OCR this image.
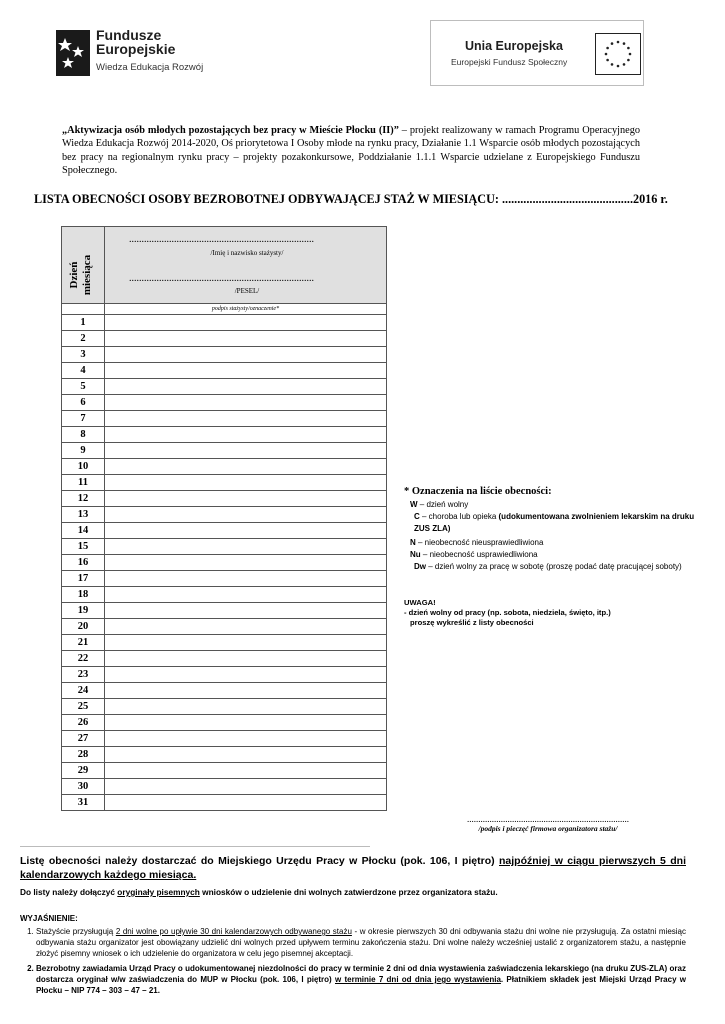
Fundusze
Europejskie
Wiedza Edukacja Rozwój
Unia Europejska
Europejski Fundusz Społeczny
„Aktywizacja osób młodych pozostających bez pracy w Mieście Płocku (II)” – projekt realizowany w ramach Programu Operacyjnego Wiedza Edukacja Rozwój 2014-2020, Oś priorytetowa I Osoby młode na rynku pracy, Działanie 1.1 Wsparcie osób młodych pozostających bez pracy na regionalnym rynku pracy – projekty pozakonkursowe, Poddziałanie 1.1.1 Wsparcie udzielane z Europejskiego Funduszu Społecznego.
LISTA OBECNOŚCI OSOBY BEZROBOTNEJ ODBYWAJĄCEJ STAŻ W MIESIĄCU: ...........................................2016 r.

	..........................................................................
/Imię i nazwisko stażysty/
..........................................................................
/PESEL/

	podpis stażysty/oznaczenie*
1	
2	
3	
4	
5	
6	
7	
8	
9	
10	
11	
12	
13	
14	
15	
16	
17	
18	
19	
20	
21	
22	
23	
24	
25	
26	
27	
28	
29	
30	
31	
Dzień miesiąca
* Oznaczenia na liście obecności:
W – dzień wolny
C – choroba lub opieka (udokumentowana zwolnieniem lekarskim na druku ZUS ZLA)
N – nieobecność nieusprawiedliwiona
Nu – nieobecność usprawiedliwiona
Dw – dzień wolny za pracę w sobotę (proszę podać datę pracującej soboty)
UWAGA!
- dzień wolny od pracy (np. sobota, niedziela, święto, itp.)
proszę wykreślić z listy obecności
........................................................................
/podpis i pieczęć firmowa organizatora stażu/
Listę obecności należy dostarczać do Miejskiego Urzędu Pracy w Płocku (pok. 106, I piętro) najpóźniej w ciągu pierwszych 5 dni kalendarzowych każdego miesiąca.
Do listy należy dołączyć oryginały pisemnych wniosków o udzielenie dni wolnych zatwierdzone przez organizatora stażu.
WYJAŚNIENIE:
1. Stażyście przysługują 2 dni wolne po upływie 30 dni kalendarzowych odbywanego stażu - w okresie pierwszych 30 dni odbywania stażu dni wolne nie przysługują. Za ostatni miesiąc odbywania stażu organizator jest obowiązany udzielić dni wolnych przed upływem terminu zakończenia stażu. Dni wolne należy wcześniej ustalić z organizatorem stażu, a następnie złożyć pisemny wniosek o ich udzielenie do organizatora w celu jego pisemnej akceptacji.
2. Bezrobotny zawiadamia Urząd Pracy o udokumentowanej niezdolności do pracy w terminie 2 dni od dnia wystawienia zaświadczenia lekarskiego (na druku ZUS-ZLA) oraz dostarcza oryginał w/w zaświadczenia do MUP w Płocku (pok. 106, I piętro) w terminie 7 dni od dnia jego wystawienia. Płatnikiem składek jest Miejski Urząd Pracy w Płocku – NIP 774 – 303 – 47 – 21.
